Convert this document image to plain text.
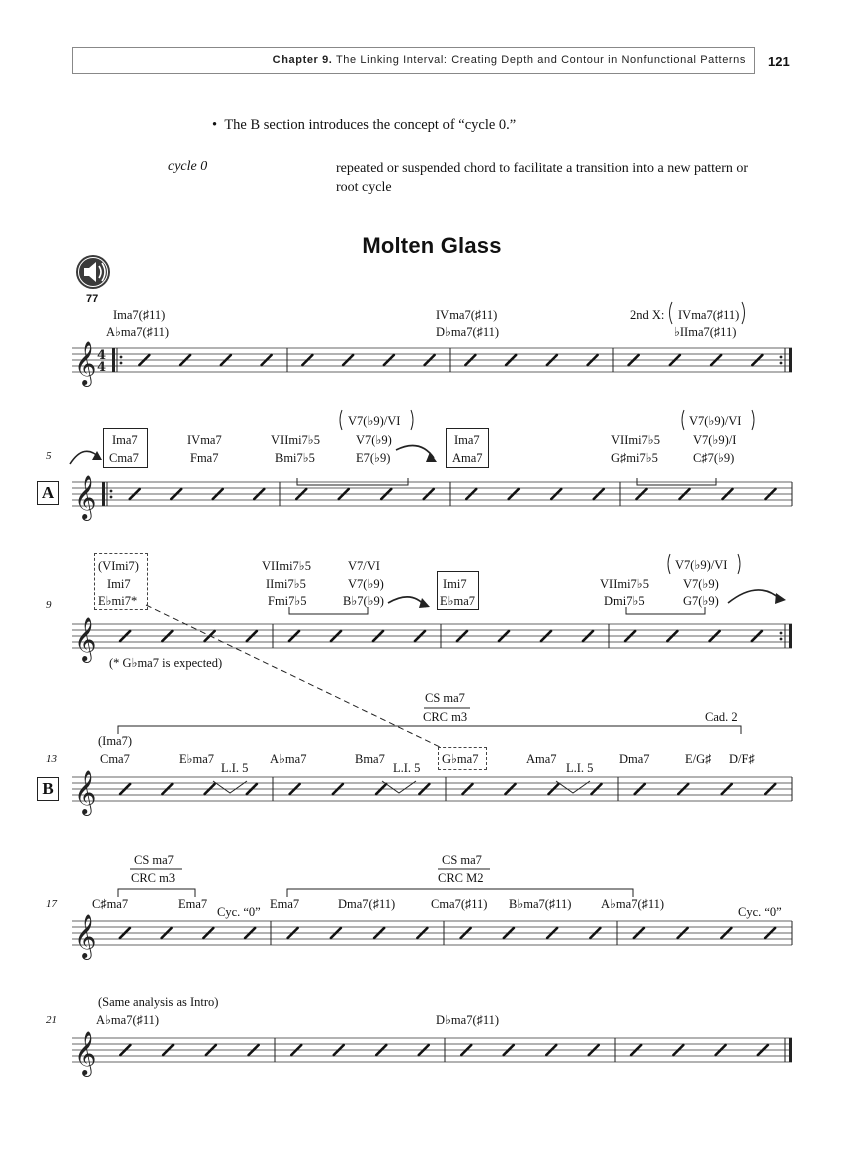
Chapter 9. The Linking Interval: Creating Depth and Contour in Nonfunctional Patterns 121
•  The B section introduces the concept of “cycle 0.”
cycle 0	repeated or suspended chord to facilitate a transition into a new pattern or root cycle
Molten Glass
𝄞 4
4
𝄞
𝄞
𝄞
𝄞
𝄞
77
Ima7(♯11)
A♭ma7(♯11)
IVma7(♯11)
D♭ma7(♯11)
2nd X: IVma7(♯11)
♭IIma7(♯11)
5
A
Ima7
Cma7
IVma7
Fma7
VIImi7♭5
Bmi7♭5
V7(♭9)/VI
V7(♭9)
E7(♭9)
Ima7
Ama7
VIImi7♭5
G♯mi7♭5
V7(♭9)/VI
V7(♭9)/I
C♯7(♭9)
9
(VImi7)
Imi7
E♭mi7*
VIImi7♭5
IImi7♭5
Fmi7♭5
V7/VI
V7(♭9)
B♭7(♭9)
Imi7
E♭ma7
V7(♭9)/VI
VIImi7♭5
Dmi7♭5
V7(♭9)
G7(♭9)
(* G♭ma7 is expected)
CS ma7
CRC m3	Cad. 2
(Ima7)
13
B
Cma7	E♭ma7	A♭ma7	Bma7	G♭ma7	Ama7	Dma7	E/G♯ D/F♯
L.I. 5	L.I. 5	L.I. 5
CS ma7
CRC m3
CS ma7
CRC M2
17	C♯ma7	Ema7
Cyc. “0”
Ema7	Dma7(♯11)	Cma7(♯11) B♭ma7(♯11) A♭ma7(♯11)
Cyc. “0”
(Same analysis as Intro)
21	A♭ma7(♯11)	D♭ma7(♯11)
